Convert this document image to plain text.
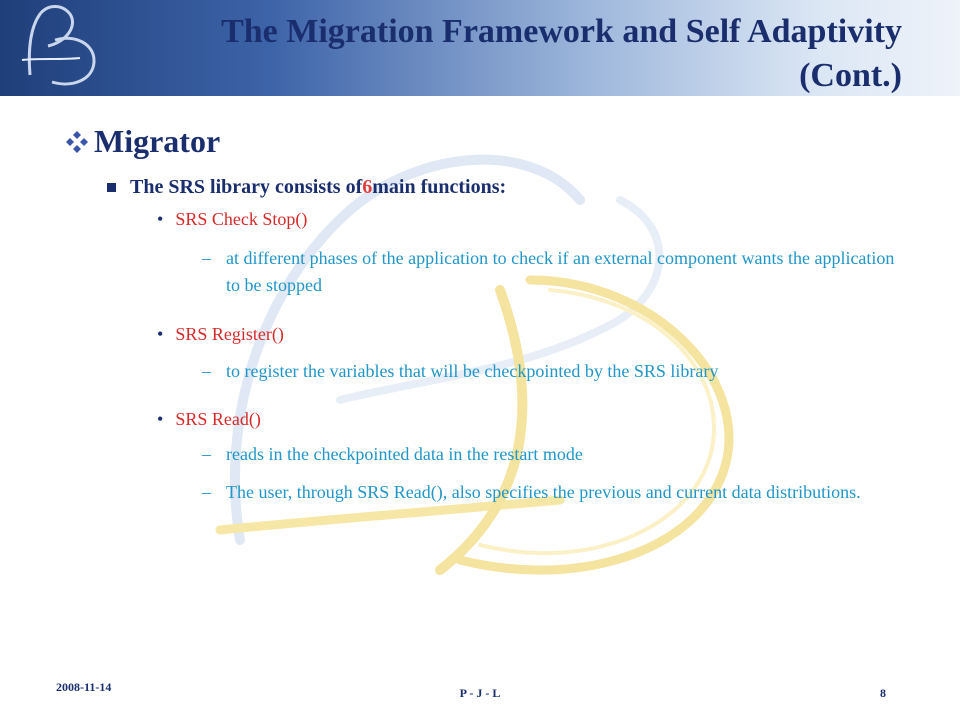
The Migration Framework and Self Adaptivity
(Cont.)
Migrator
The SRS library consists of 6 main functions:
• SRS Check Stop()
– at different phases of the application to check if an external component wants the application to be stopped
• SRS Register()
– to register the variables that will be checkpointed by the SRS library
• SRS Read()
– reads in the checkpointed data in the restart mode
– The user, through SRS Read(), also specifies the previous and current data distributions.
2008-11-14	P - J - L	8
